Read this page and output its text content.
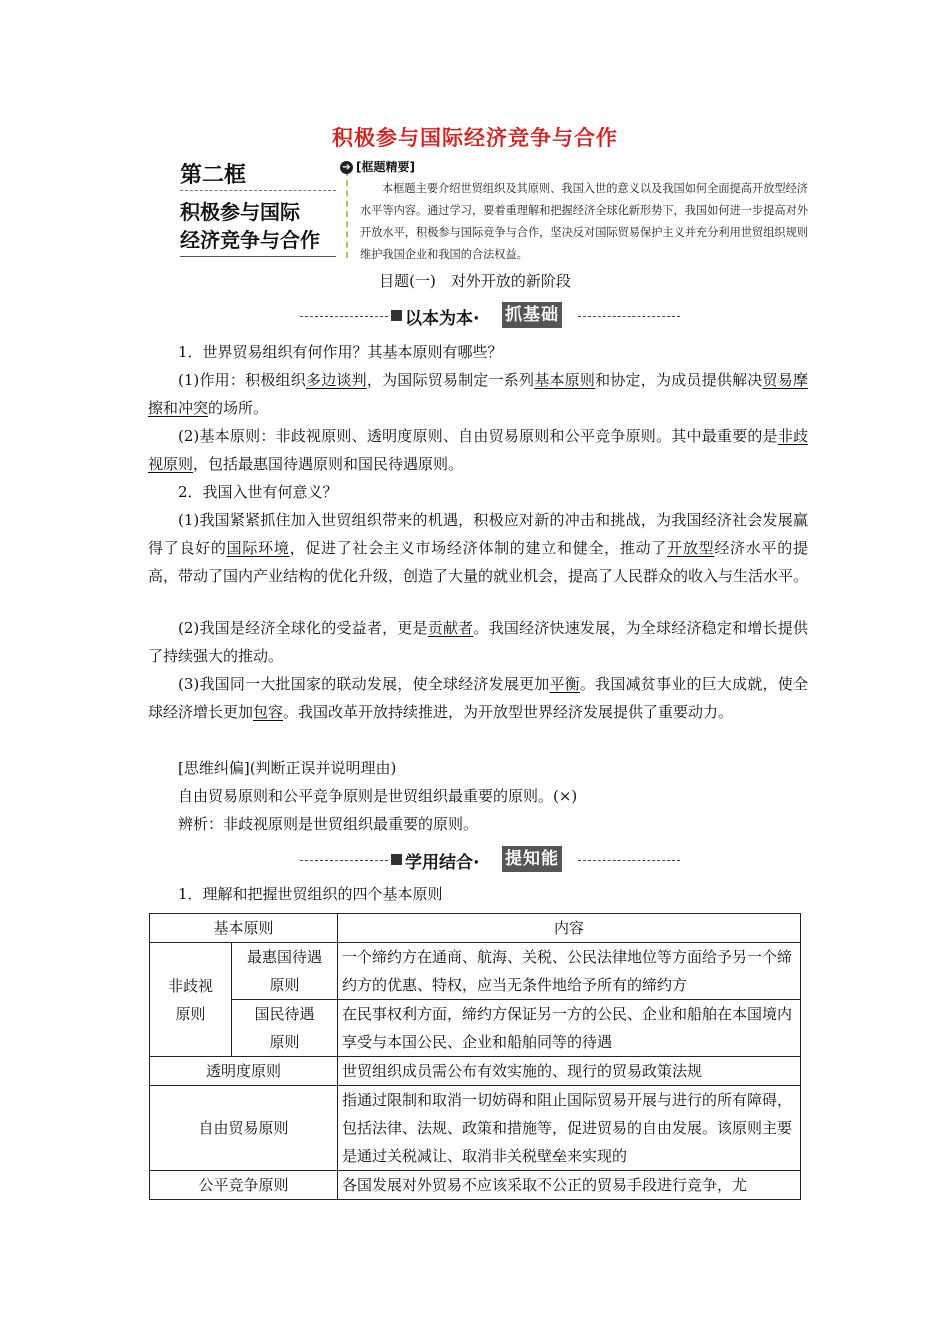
积极参与国际经济竞争与合作
第二框
积极参与国际
经济竞争与合作
➔ [框题精要]
本框题主要介绍世贸组织及其原则、我国入世的意义以及我国如何全面提高开放型经济水平等内容。通过学习，要着重理解和把握经济全球化新形势下，我国如何进一步提高对外开放水平，积极参与国际竞争与合作，坚决反对国际贸易保护主义并充分利用世贸组织规则维护我国企业和我国的合法权益。
目题(一)　对外开放的新阶段
以本为本· 抓基础
1．世界贸易组织有何作用？其基本原则有哪些？
(1)作用：积极组织多边谈判，为国际贸易制定一系列基本原则和协定，为成员提供解决贸易摩擦和冲突的场所。
(2)基本原则：非歧视原则、透明度原则、自由贸易原则和公平竞争原则。其中最重要的是非歧视原则，包括最惠国待遇原则和国民待遇原则。
2．我国入世有何意义？
(1)我国紧紧抓住加入世贸组织带来的机遇，积极应对新的冲击和挑战，为我国经济社会发展赢得了良好的国际环境，促进了社会主义市场经济体制的建立和健全，推动了开放型经济水平的提高，带动了国内产业结构的优化升级，创造了大量的就业机会，提高了人民群众的收入与生活水平。
(2)我国是经济全球化的受益者，更是贡献者。我国经济快速发展，为全球经济稳定和增长提供了持续强大的推动。
(3)我国同一大批国家的联动发展，使全球经济发展更加平衡。我国减贫事业的巨大成就，使全球经济增长更加包容。我国改革开放持续推进，为开放型世界经济发展提供了重要动力。
[思维纠偏](判断正误并说明理由)
自由贸易原则和公平竞争原则是世贸组织最重要的原则。(×)
辨析：非歧视原则是世贸组织最重要的原则。
学用结合· 提知能
1．理解和把握世贸组织的四个基本原则
基本原则		内容
非歧视原则	最惠国待遇原则	一个缔约方在通商、航海、关税、公民法律地位等方面给予另一个缔约方的优惠、特权，应当无条件地给予所有的缔约方
	国民待遇原则	在民事权利方面，缔约方保证另一方的公民、企业和船舶在本国境内享受与本国公民、企业和船舶同等的待遇
透明度原则		世贸组织成员需公布有效实施的、现行的贸易政策法规
自由贸易原则		指通过限制和取消一切妨碍和阻止国际贸易开展与进行的所有障碍，包括法律、法规、政策和措施等，促进贸易的自由发展。该原则主要是通过关税减让、取消非关税壁垒来实现的
公平竞争原则		各国发展对外贸易不应该采取不公正的贸易手段进行竞争，尤
